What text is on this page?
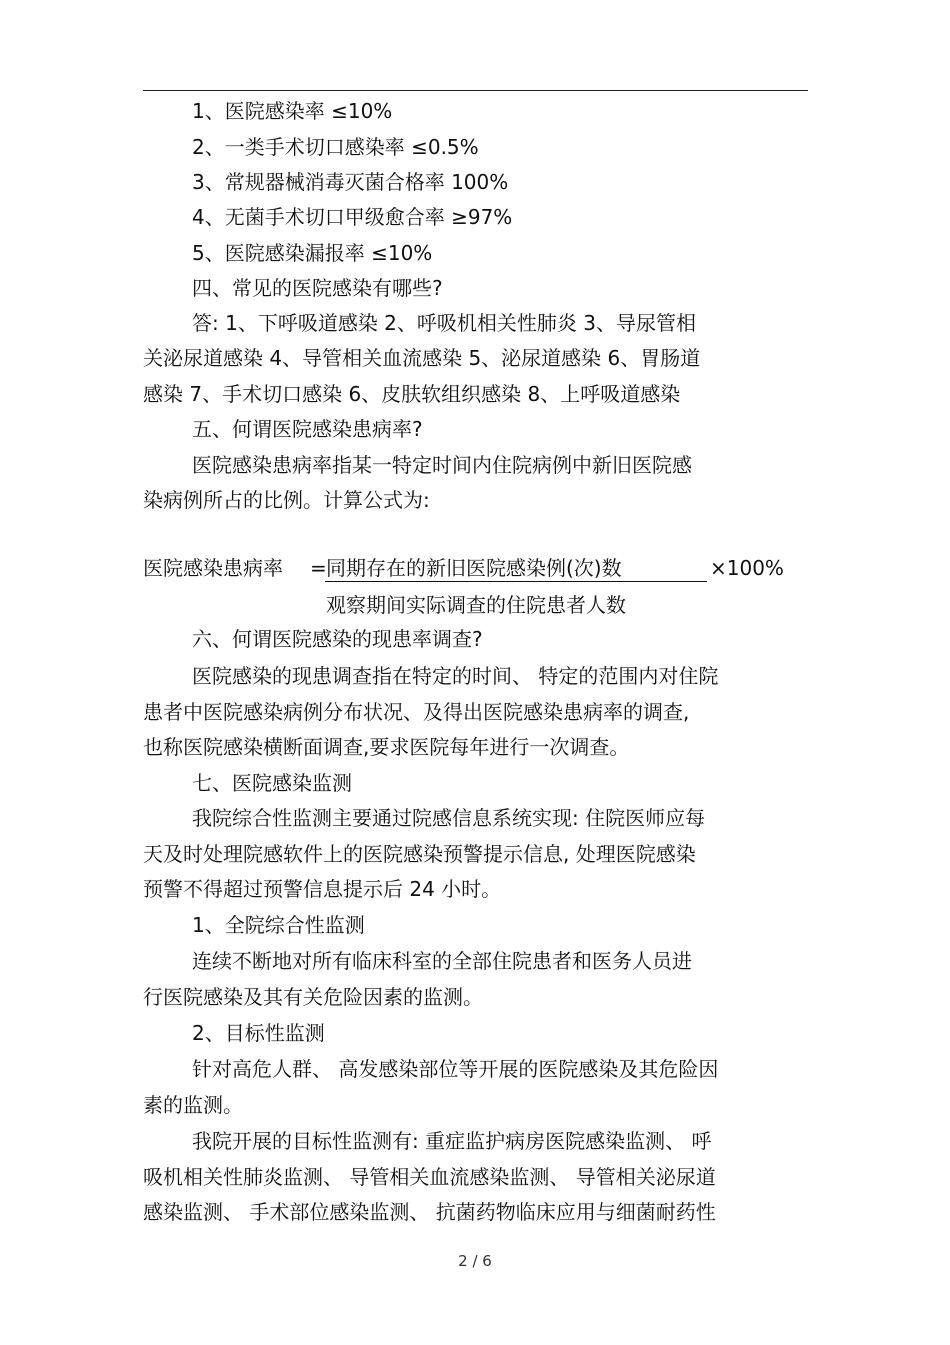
1、医院感染率 ≤10%
2、一类手术切口感染率 ≤0.5%
3、常规器械消毒灭菌合格率 100%
4、无菌手术切口甲级愈合率 ≥97%
5、医院感染漏报率 ≤10%
四、常见的医院感染有哪些?
答: 1、下呼吸道感染 2、呼吸机相关性肺炎 3、导尿管相
关泌尿道感染 4、导管相关血流感染 5、泌尿道感染 6、胃肠道
感染 7、手术切口感染 6、皮肤软组织感染 8、上呼吸道感染
五、何谓医院感染患病率?
医院感染患病率指某一特定时间内住院病例中新旧医院感
染病例所占的比例。计算公式为:
医院感染患病率 = 同期存在的新旧医院感染例(次)数	×100%
观察期间实际调查的住院患者人数
六、何谓医院感染的现患率调查?
医院感染的现患调查指在特定的时间、 特定的范围内对住院
患者中医院感染病例分布状况、及得出医院感染患病率的调查,
也称医院感染横断面调查,要求医院每年进行一次调查。
七、医院感染监测
我院综合性监测主要通过院感信息系统实现: 住院医师应每
天及时处理院感软件上的医院感染预警提示信息, 处理医院感染
预警不得超过预警信息提示后 24 小时。
1、全院综合性监测
连续不断地对所有临床科室的全部住院患者和医务人员进
行医院感染及其有关危险因素的监测。
2、目标性监测
针对高危人群、 高发感染部位等开展的医院感染及其危险因
素的监测。
我院开展的目标性监测有: 重症监护病房医院感染监测、 呼
吸机相关性肺炎监测、 导管相关血流感染监测、 导管相关泌尿道
感染监测、 手术部位感染监测、 抗菌药物临床应用与细菌耐药性
2 / 6
